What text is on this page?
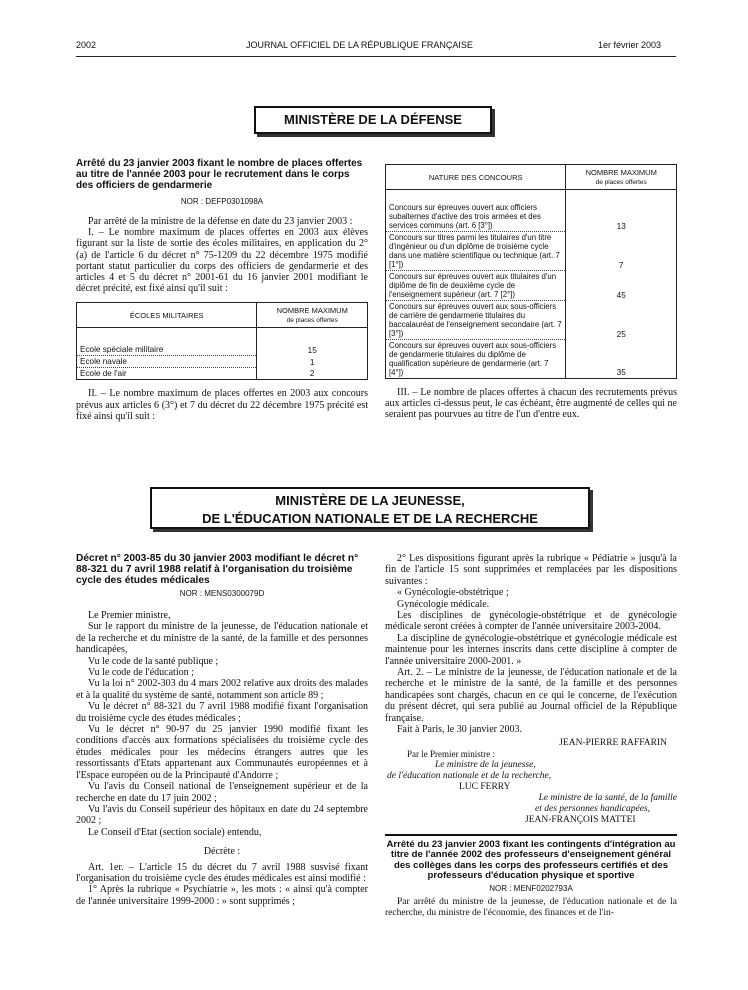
2002	JOURNAL OFFICIEL DE LA RÉPUBLIQUE FRANÇAISE	1er février 2003
MINISTÈRE DE LA DÉFENSE
Arrêté du 23 janvier 2003 fixant le nombre de places offertes au titre de l'année 2003 pour le recrutement dans le corps des officiers de gendarmerie
NOR : DEFP0301098A

Par arrêté de la ministre de la défense en date du 23 janvier 2003 :

I. – Le nombre maximum de places offertes en 2003 aux élèves figurant sur la liste de sortie des écoles militaires, en application du 2° (a) de l'article 6 du décret n° 75-1209 du 22 décembre 1975 modifié portant statut particulier du corps des officiers de gendarmerie et des articles 4 et 5 du décret n° 2001-61 du 16 janvier 2001 modifiant le décret précité, est fixé ainsi qu'il suit :

ÉCOLES MILITAIRES	NOMBRE MAXIMUM
de places offertes

Ecole spéciale militaire	15
Ecole navale	1
Ecole de l'air	2

II. – Le nombre maximum de places offertes en 2003 aux concours prévus aux articles 6 (3°) et 7 du décret du 22 décembre 1975 précité est fixé ainsi qu'il suit :

NATURE DES CONCOURS	NOMBRE MAXIMUM
de places offertes

Concours sur épreuves ouvert aux officiers subalternes d'active des trois armées et des services communs (art. 6 [3°])	13
Concours sur titres parmi les titulaires d'un titre d'ingénieur ou d'un diplôme de troisième cycle dans une matière scientifique ou technique (art. 7 [1°])	7
Concours sur épreuves ouvert aux titulaires d'un diplôme de fin de deuxième cycle de l'enseignement supérieur (art. 7 [2°])	45
Concours sur épreuves ouvert aux sous-officiers de carrière de gendarmerie titulaires du baccalauréat de l'enseignement secondaire (art. 7 [3°])	25
Concours sur épreuves ouvert aux sous-officiers de gendarmerie titulaires du diplôme de qualification supérieure de gendarmerie (art. 7 [4°])	35

III. – Le nombre de places offertes à chacun des recrutements prévus aux articles ci-dessus peut, le cas échéant, être augmenté de celles qui ne seraient pas pourvues au titre de l'un d'entre eux.

MINISTÈRE DE LA JEUNESSE,
DE L'ÉDUCATION NATIONALE ET DE LA RECHERCHE
Décret n° 2003-85 du 30 janvier 2003 modifiant le décret n° 88-321 du 7 avril 1988 relatif à l'organisation du troisième cycle des études médicales
NOR : MENS0300079D

Le Premier ministre,

Sur le rapport du ministre de la jeunesse, de l'éducation nationale et de la recherche et du ministre de la santé, de la famille et des personnes handicapées,

Vu le code de la santé publique ;

Vu le code de l'éducation ;

Vu la loi n° 2002-303 du 4 mars 2002 relative aux droits des malades et à la qualité du système de santé, notamment son article 89 ;

Vu le décret n° 88-321 du 7 avril 1988 modifié fixant l'organisation du troisième cycle des études médicales ;

Vu le décret n° 90-97 du 25 janvier 1990 modifié fixant les conditions d'accès aux formations spécialisées du troisième cycle des études médicales pour les médecins étrangers autres que les ressortissants d'Etats appartenant aux Communautés européennes et à l'Espace européen ou de la Principauté d'Andorre ;

Vu l'avis du Conseil national de l'enseignement supérieur et de la recherche en date du 17 juin 2002 ;

Vu l'avis du Conseil supérieur des hôpitaux en date du 24 septembre 2002 ;

Le Conseil d'Etat (section sociale) entendu,

Décrète :

Art. 1er. – L'article 15 du décret du 7 avril 1988 susvisé fixant l'organisation du troisième cycle des études médicales est ainsi modifié :

1° Après la rubrique « Psychiatrie », les mots : « ainsi qu'à compter de l'année universitaire 1999-2000 : » sont supprimés ;

2° Les dispositions figurant après la rubrique « Pédiatrie » jusqu'à la fin de l'article 15 sont supprimées et remplacées par les dispositions suivantes :

« Gynécologie-obstétrique ;

Gynécologie médicale.

Les disciplines de gynécologie-obstétrique et de gynécologie médicale seront créées à compter de l'année universitaire 2003-2004.

La discipline de gynécologie-obstétrique et gynécologie médicale est maintenue pour les internes inscrits dans cette discipline à compter de l'année universitaire 2000-2001. »

Art. 2. – Le ministre de la jeunesse, de l'éducation nationale et de la recherche et le ministre de la santé, de la famille et des personnes handicapées sont chargés, chacun en ce qui le concerne, de l'exécution du présent décret, qui sera publié au Journal officiel de la République française.

Fait à Paris, le 30 janvier 2003.

JEAN-PIERRE RAFFARIN
Par le Premier ministre :
Le ministre de la jeunesse,
de l'éducation nationale et de la recherche,
LUC FERRY
Le ministre de la santé, de la famille
et des personnes handicapées,
JEAN-FRANÇOIS MATTEI
Arrêté du 23 janvier 2003 fixant les contingents d'intégration au titre de l'année 2002 des professeurs d'enseignement général des collèges dans les corps des professeurs certifiés et des professeurs d'éducation physique et sportive
NOR : MENF0202793A

Par arrêté du ministre de la jeunesse, de l'éducation nationale et de la recherche, du ministre de l'économie, des finances et de l'in-
